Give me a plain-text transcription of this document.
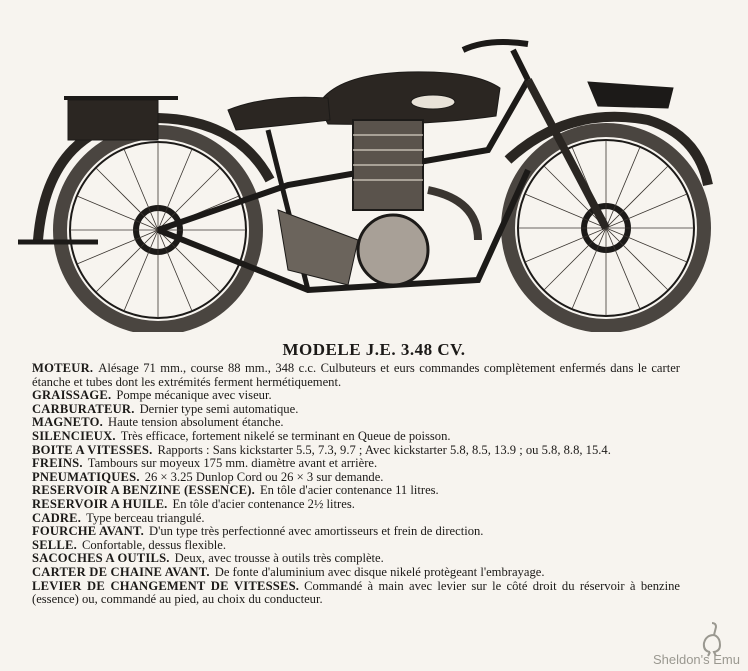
MODELE J.E. 3.48 CV.

MOTEUR. Alésage 71 mm., course 88 mm., 348 c.c. Culbuteurs et eurs commandes complètement enfermés dans le carter étanche et tubes dont les extrémités ferment hermétiquement.

GRAISSAGE. Pompe mécanique avec viseur.

CARBURATEUR. Dernier type semi automatique.

MAGNETO. Haute tension absolument étanche.

SILENCIEUX. Très efficace, fortement nikelé se terminant en Queue de poisson.

BOITE A VITESSES. Rapports : Sans kickstarter 5.5, 7.3, 9.7 ; Avec kickstarter 5.8, 8.5, 13.9 ; ou 5.8, 8.8, 15.4.

FREINS. Tambours sur moyeux 175 mm. diamètre avant et arrière.

PNEUMATIQUES. 26 × 3.25 Dunlop Cord ou 26 × 3 sur demande.

RESERVOIR A BENZINE (ESSENCE). En tôle d'acier contenance 11 litres.

RESERVOIR A HUILE. En tôle d'acier contenance 2½ litres.

CADRE. Type berceau triangulé.

FOURCHE AVANT. D'un type très perfectionné avec amortisseurs et frein de direction.

SELLE. Confortable, dessus flexible.

SACOCHES A OUTILS. Deux, avec trousse à outils très complète.

CARTER DE CHAINE AVANT. De fonte d'aluminium avec disque nikelé protègeant l'embrayage.

LEVIER DE CHANGEMENT DE VITESSES. Commandé à main avec levier sur le côté droit du réservoir à benzine (essence) ou, commandé au pied, au choix du conducteur.

Sheldon's Emu
